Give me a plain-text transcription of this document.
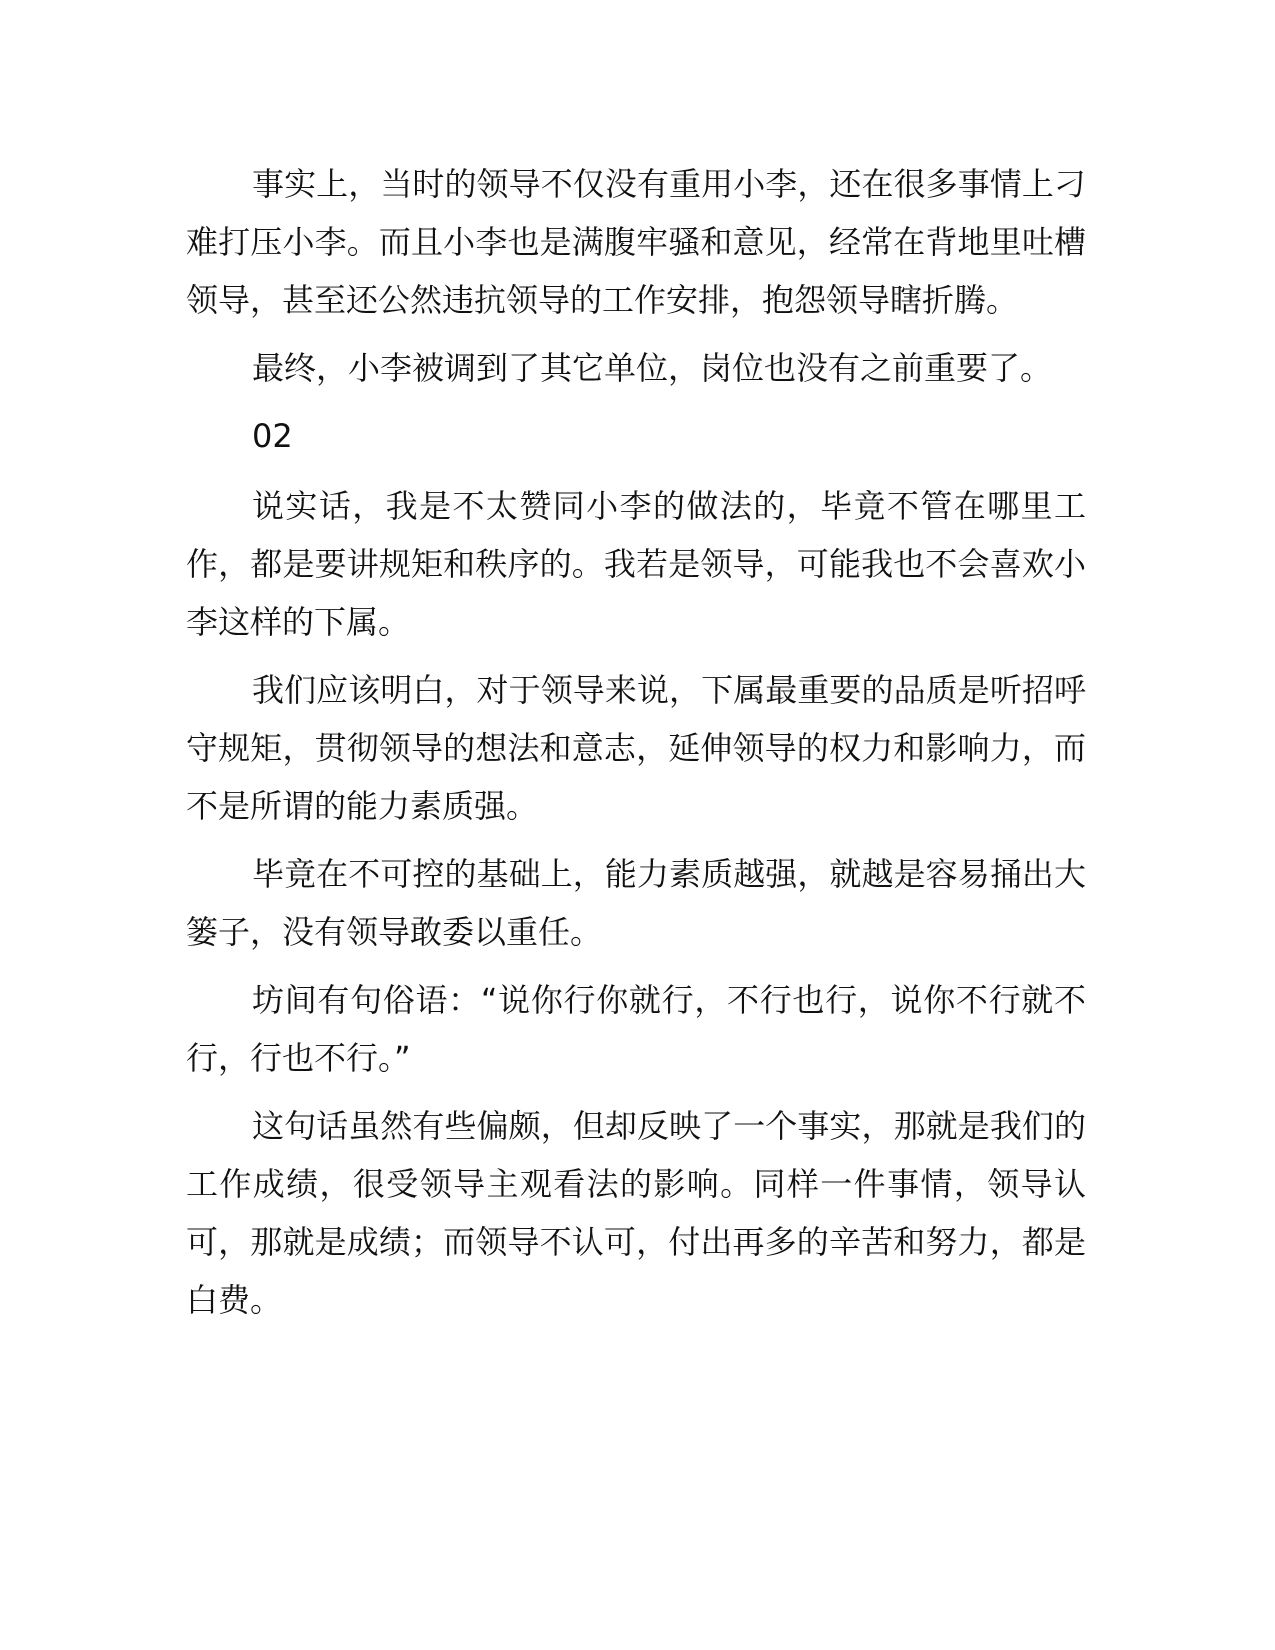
事实上，当时的领导不仅没有重用小李，还在很多事情上刁难打压小李。而且小李也是满腹牢骚和意见，经常在背地里吐槽领导，甚至还公然违抗领导的工作安排，抱怨领导瞎折腾。

最终，小李被调到了其它单位，岗位也没有之前重要了。

02

说实话，我是不太赞同小李的做法的，毕竟不管在哪里工作，都是要讲规矩和秩序的。我若是领导，可能我也不会喜欢小李这样的下属。

我们应该明白，对于领导来说，下属最重要的品质是听招呼守规矩，贯彻领导的想法和意志，延伸领导的权力和影响力，而不是所谓的能力素质强。

毕竟在不可控的基础上，能力素质越强，就越是容易捅出大篓子，没有领导敢委以重任。

坊间有句俗语：“说你行你就行，不行也行，说你不行就不行，行也不行。”

这句话虽然有些偏颇，但却反映了一个事实，那就是我们的工作成绩，很受领导主观看法的影响。同样一件事情，领导认可，那就是成绩；而领导不认可，付出再多的辛苦和努力，都是白费。
